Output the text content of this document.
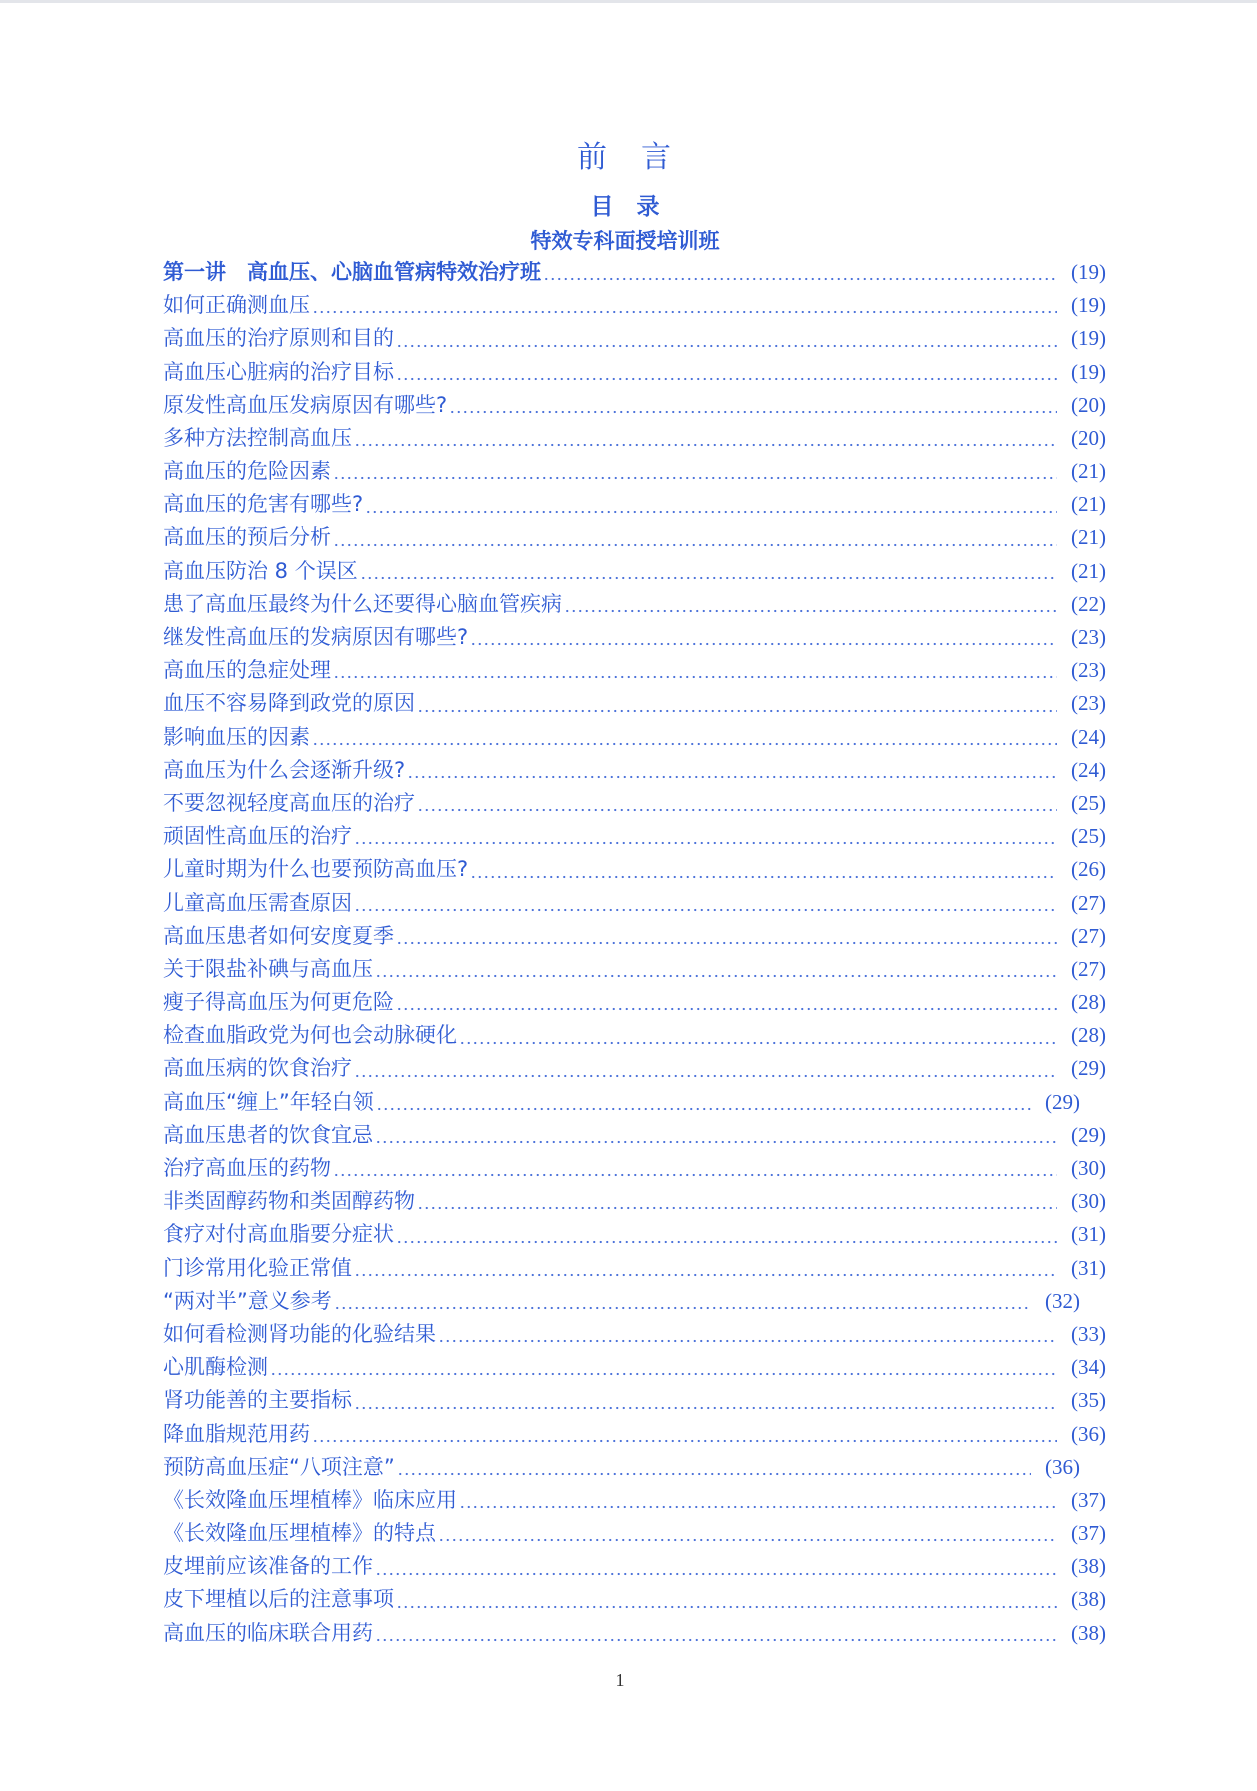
前　言
目　录
特效专科面授培训班
第一讲　高血压、心脑血管病特效治疗班	(19)
如何正确测血压	(19)
高血压的治疗原则和目的	(19)
高血压心脏病的治疗目标	(19)
原发性高血压发病原因有哪些?	(20)
多种方法控制高血压	(20)
高血压的危险因素	(21)
高血压的危害有哪些?	(21)
高血压的预后分析	(21)
高血压防治 8 个误区	(21)
患了高血压最终为什么还要得心脑血管疾病	(22)
继发性高血压的发病原因有哪些?	(23)
高血压的急症处理	(23)
血压不容易降到政党的原因	(23)
影响血压的因素	(24)
高血压为什么会逐渐升级?	(24)
不要忽视轻度高血压的治疗	(25)
顽固性高血压的治疗	(25)
儿童时期为什么也要预防高血压?	(26)
儿童高血压需查原因	(27)
高血压患者如何安度夏季	(27)
关于限盐补碘与高血压	(27)
瘦子得高血压为何更危险	(28)
检查血脂政党为何也会动脉硬化	(28)
高血压病的饮食治疗	(29)
高血压“缠上”年轻白领	(29)
高血压患者的饮食宜忌	(29)
治疗高血压的药物	(30)
非类固醇药物和类固醇药物	(30)
食疗对付高血脂要分症状	(31)
门诊常用化验正常值	(31)
“两对半”意义参考	(32)
如何看检测肾功能的化验结果	(33)
心肌酶检测	(34)
肾功能善的主要指标	(35)
降血脂规范用药	(36)
预防高血压症“八项注意”	(36)
《长效隆血压埋植棒》临床应用	(37)
《长效隆血压埋植棒》的特点	(37)
皮埋前应该准备的工作	(38)
皮下埋植以后的注意事项	(38)
高血压的临床联合用药	(38)
1
